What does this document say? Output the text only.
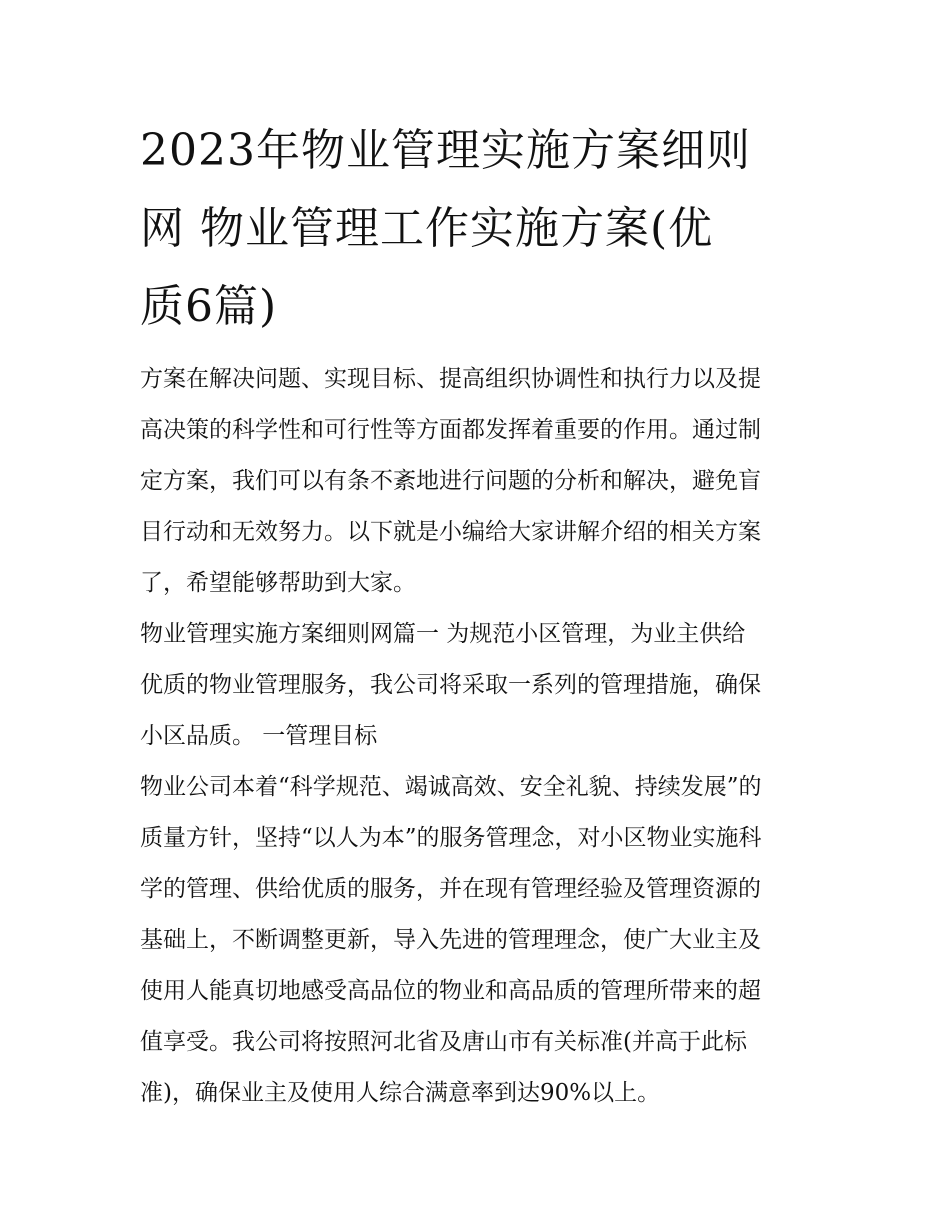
2023年物业管理实施方案细则
网 物业管理工作实施方案(优
质6篇)

方案在解决问题、实现目标、提高组织协调性和执行力以及提
高决策的科学性和可行性等方面都发挥着重要的作用。通过制
定方案，我们可以有条不紊地进行问题的分析和解决，避免盲
目行动和无效努力。以下就是小编给大家讲解介绍的相关方案
了，希望能够帮助到大家。

物业管理实施方案细则网篇一 为规范小区管理，为业主供给
优质的物业管理服务，我公司将采取一系列的管理措施，确保
小区品质。 一管理目标

物业公司本着“科学规范、竭诚高效、安全礼貌、持续发展”的
质量方针，坚持“以人为本”的服务管理念，对小区物业实施科
学的管理、供给优质的服务，并在现有管理经验及管理资源的
基础上，不断调整更新，导入先进的管理理念，使广大业主及
使用人能真切地感受高品位的物业和高品质的管理所带来的超
值享受。我公司将按照河北省及唐山市有关标准(并高于此标
准)，确保业主及使用人综合满意率到达90%以上。
